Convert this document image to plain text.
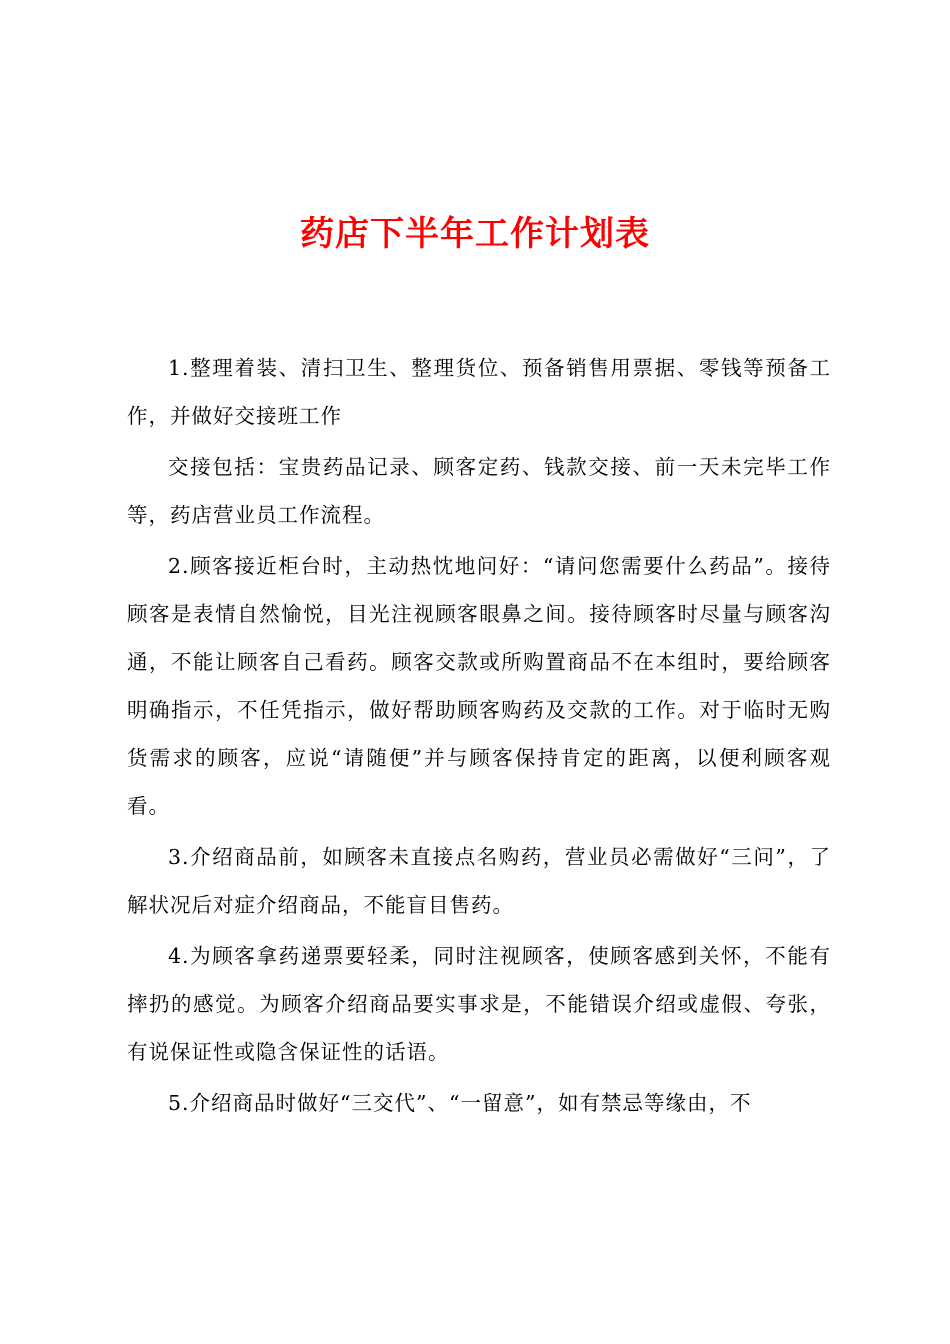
药店下半年工作计划表

1.整理着装、清扫卫生、整理货位、预备销售用票据、零钱等预备工作，并做好交接班工作

交接包括：宝贵药品记录、顾客定药、钱款交接、前一天未完毕工作等，药店营业员工作流程。

2.顾客接近柜台时，主动热忱地问好：“请问您需要什么药品”。接待顾客是表情自然愉悦，目光注视顾客眼鼻之间。接待顾客时尽量与顾客沟通，不能让顾客自己看药。顾客交款或所购置商品不在本组时，要给顾客明确指示，不任凭指示，做好帮助顾客购药及交款的工作。对于临时无购货需求的顾客，应说“请随便”并与顾客保持肯定的距离，以便利顾客观看。

3.介绍商品前，如顾客未直接点名购药，营业员必需做好“三问”，了解状况后对症介绍商品，不能盲目售药。

4.为顾客拿药递票要轻柔，同时注视顾客，使顾客感到关怀，不能有摔扔的感觉。为顾客介绍商品要实事求是，不能错误介绍或虚假、夸张，有说保证性或隐含保证性的话语。

5.介绍商品时做好“三交代”、“一留意”，如有禁忌等缘由，不
